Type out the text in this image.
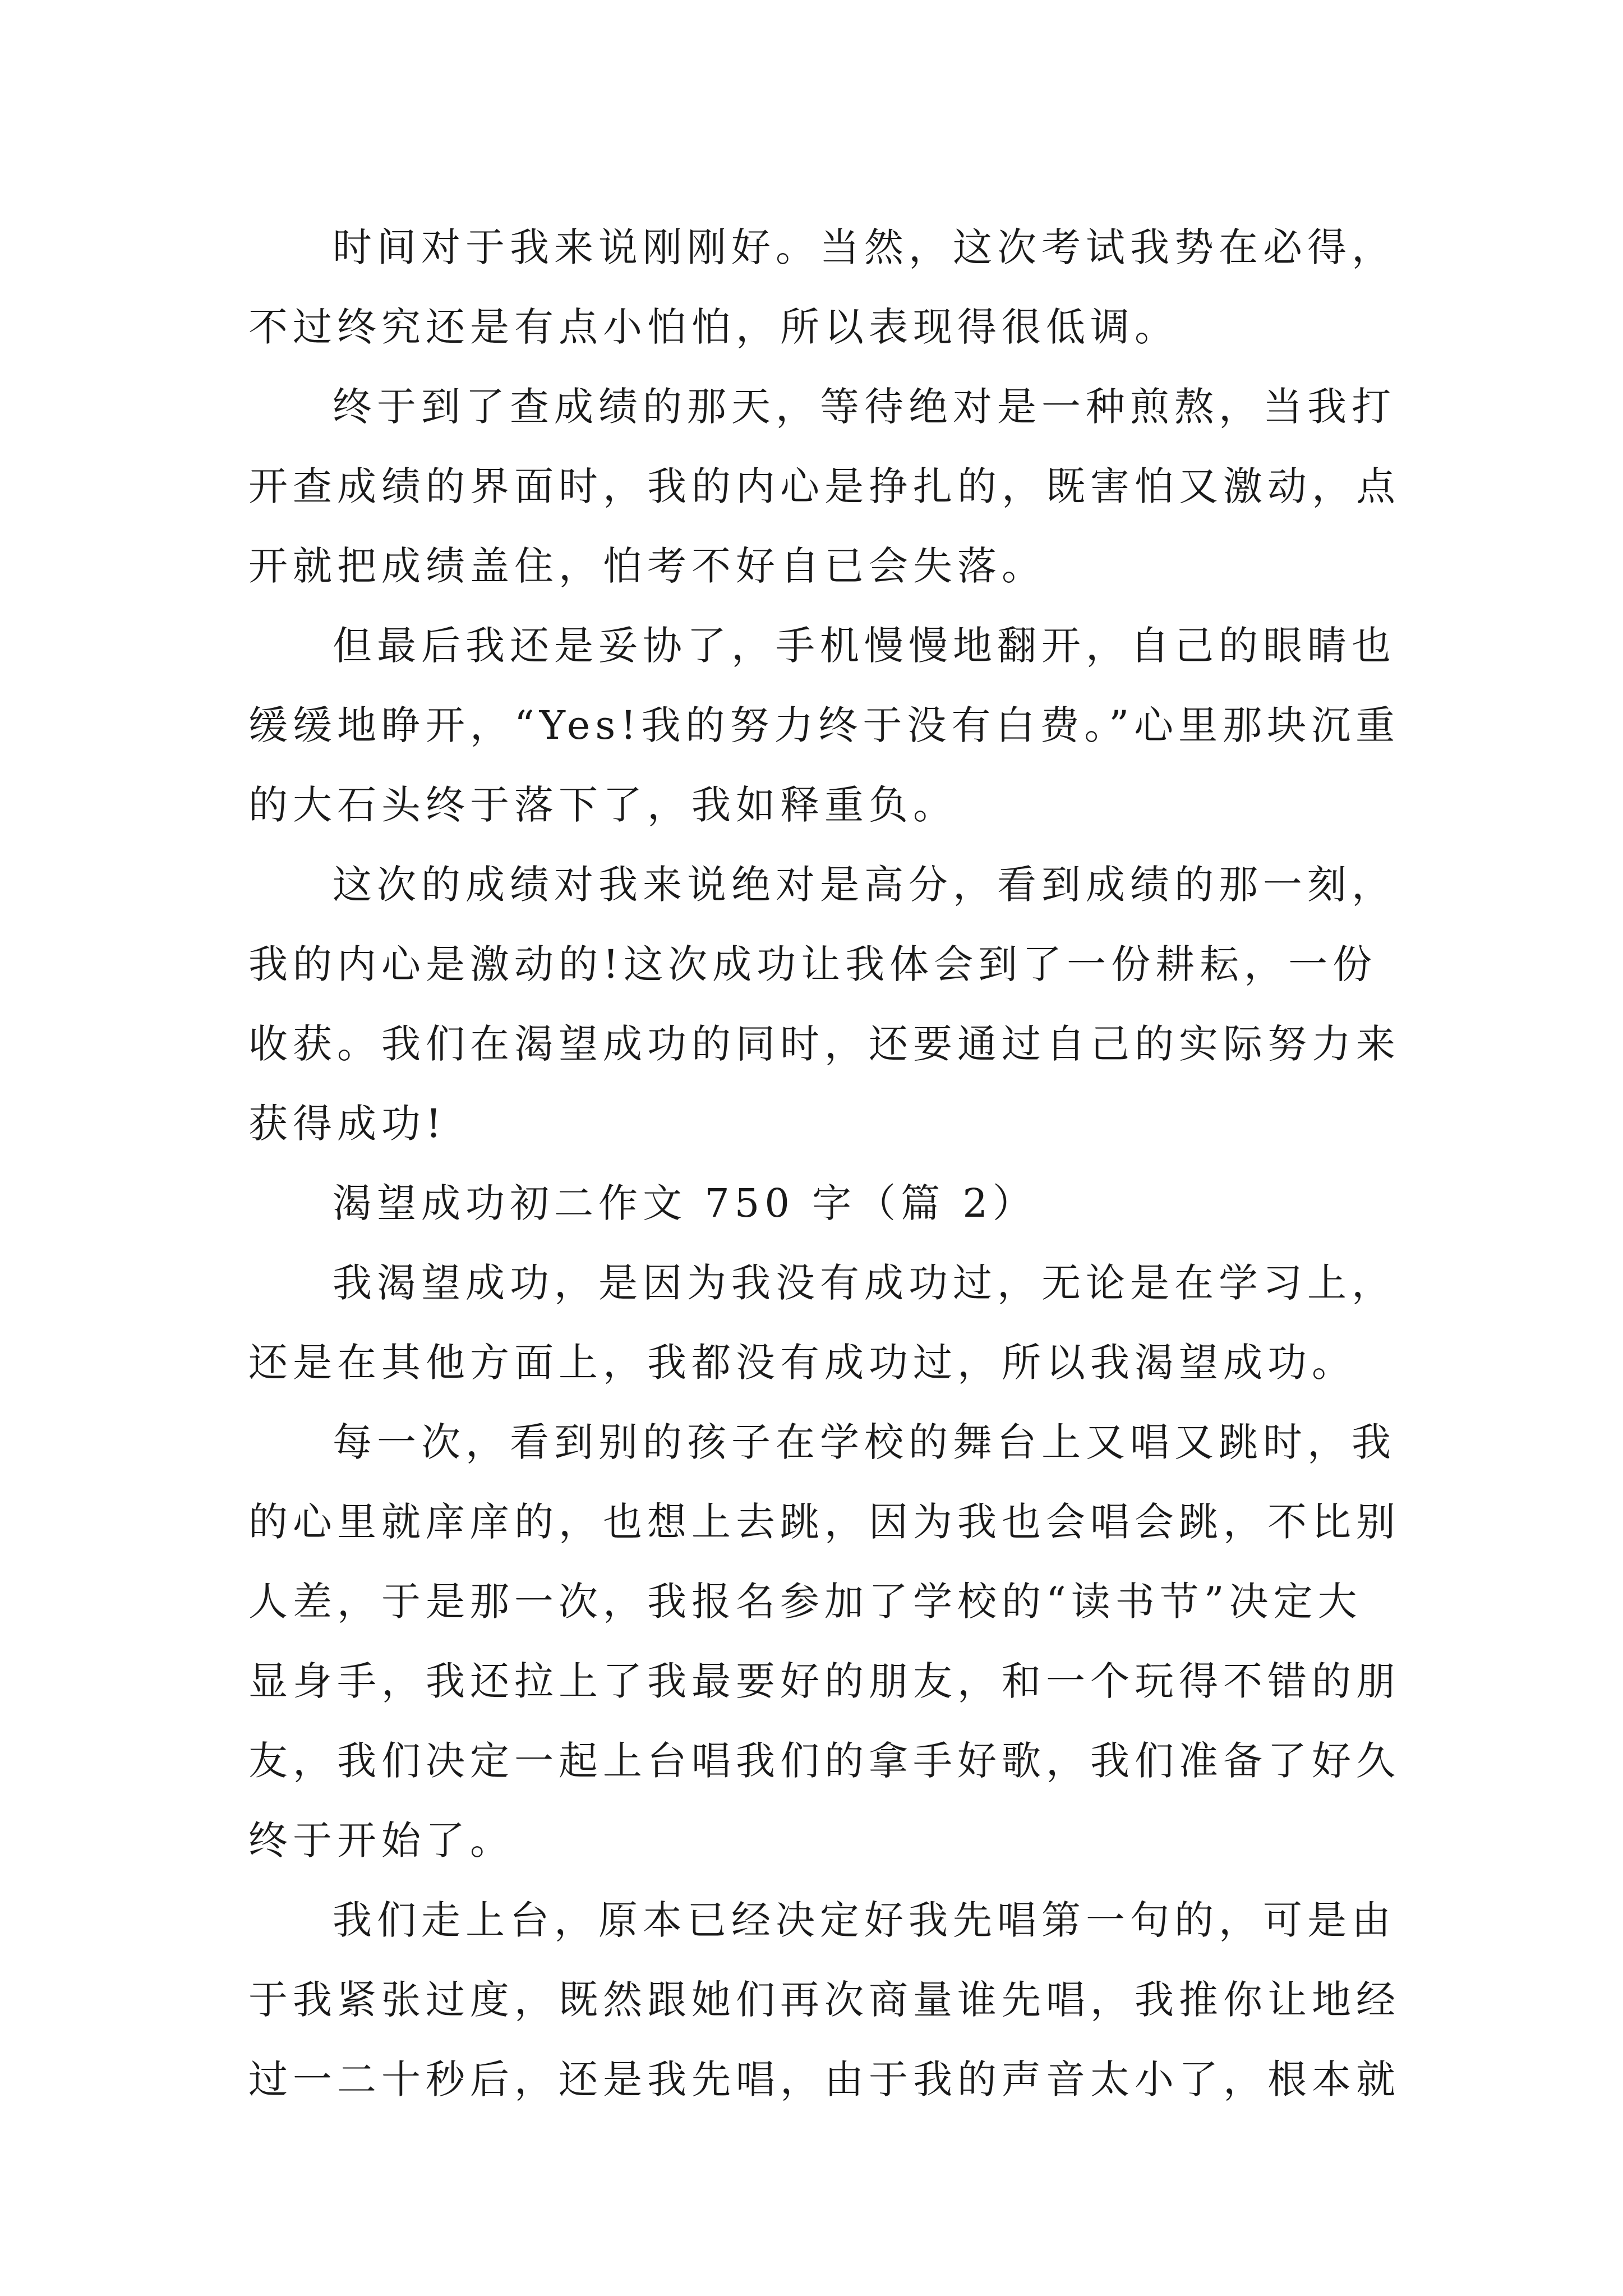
时间对于我来说刚刚好。当然，这次考试我势在必得，
不过终究还是有点小怕怕，所以表现得很低调。

终于到了查成绩的那天，等待绝对是一种煎熬，当我打
开查成绩的界面时，我的内心是挣扎的，既害怕又激动，点
开就把成绩盖住，怕考不好自已会失落。

但最后我还是妥协了，手机慢慢地翻开，自己的眼睛也
缓缓地睁开，“Yes!我的努力终于没有白费。”心里那块沉重
的大石头终于落下了，我如释重负。

这次的成绩对我来说绝对是高分，看到成绩的那一刻，
我的内心是激动的!这次成功让我体会到了一份耕耘，一份
收获。我们在渴望成功的同时，还要通过自己的实际努力来
获得成功!

渴望成功初二作文 750 字（篇 2）

我渴望成功，是因为我没有成功过，无论是在学习上，
还是在其他方面上，我都没有成功过，所以我渴望成功。

每一次，看到别的孩子在学校的舞台上又唱又跳时，我
的心里就庠庠的，也想上去跳，因为我也会唱会跳，不比别
人差，于是那一次，我报名参加了学校的“读书节”决定大
显身手，我还拉上了我最要好的朋友，和一个玩得不错的朋
友，我们决定一起上台唱我们的拿手好歌，我们准备了好久
终于开始了。

我们走上台，原本已经决定好我先唱第一句的，可是由
于我紧张过度，既然跟她们再次商量谁先唱，我推你让地经
过一二十秒后，还是我先唱，由于我的声音太小了，根本就
